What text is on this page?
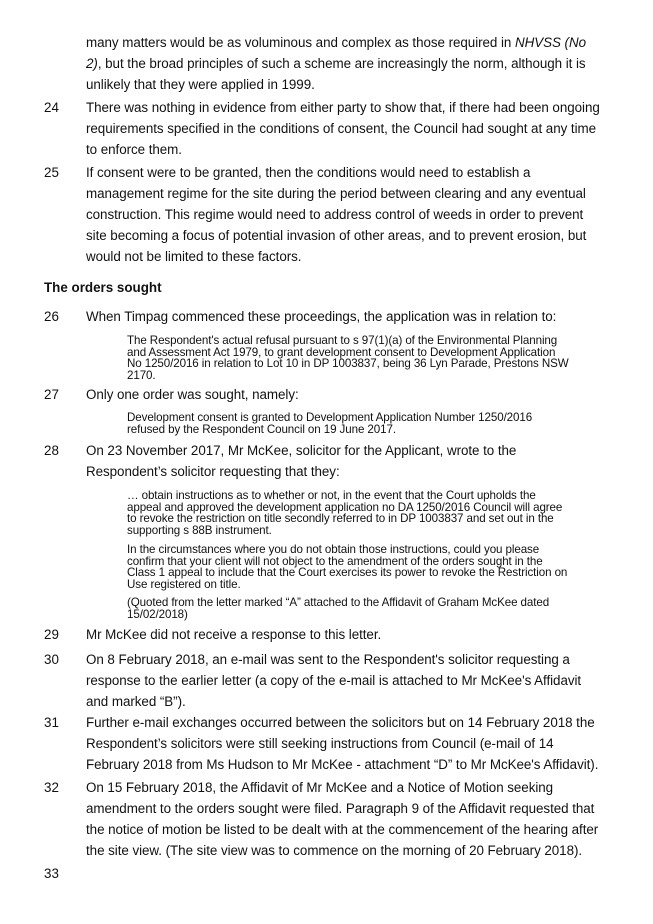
many matters would be as voluminous and complex as those required in NHVSS (No
2), but the broad principles of such a scheme are increasingly the norm, although it is
unlikely that they were applied in 1999.
24 There was nothing in evidence from either party to show that, if there had been ongoing
requirements specified in the conditions of consent, the Council had sought at any time
to enforce them.
25 If consent were to be granted, then the conditions would need to establish a
management regime for the site during the period between clearing and any eventual
construction. This regime would need to address control of weeds in order to prevent
site becoming a focus of potential invasion of other areas, and to prevent erosion, but
would not be limited to these factors.
The orders sought
26 When Timpag commenced these proceedings, the application was in relation to:
The Respondent's actual refusal pursuant to s 97(1)(a) of the Environmental Planning
and Assessment Act 1979, to grant development consent to Development Application
No 1250/2016 in relation to Lot 10 in DP 1003837, being 36 Lyn Parade, Prestons NSW
2170.
27 Only one order was sought, namely:
Development consent is granted to Development Application Number 1250/2016
refused by the Respondent Council on 19 June 2017.
28 On 23 November 2017, Mr McKee, solicitor for the Applicant, wrote to the
Respondent’s solicitor requesting that they:
… obtain instructions as to whether or not, in the event that the Court upholds the
appeal and approved the development application no DA 1250/2016 Council will agree
to revoke the restriction on title secondly referred to in DP 1003837 and set out in the
supporting s 88B instrument.
In the circumstances where you do not obtain those instructions, could you please
confirm that your client will not object to the amendment of the orders sought in the
Class 1 appeal to include that the Court exercises its power to revoke the Restriction on
Use registered on title.
(Quoted from the letter marked “A” attached to the Affidavit of Graham McKee dated
15/02/2018)
29 Mr McKee did not receive a response to this letter.
30 On 8 February 2018, an e-mail was sent to the Respondent's solicitor requesting a
response to the earlier letter (a copy of the e-mail is attached to Mr McKee's Affidavit
and marked “B”).
31 Further e-mail exchanges occurred between the solicitors but on 14 February 2018 the
Respondent’s solicitors were still seeking instructions from Council (e-mail of 14
February 2018 from Ms Hudson to Mr McKee - attachment “D” to Mr McKee's Affidavit).
32 On 15 February 2018, the Affidavit of Mr McKee and a Notice of Motion seeking
amendment to the orders sought were filed. Paragraph 9 of the Affidavit requested that
the notice of motion be listed to be dealt with at the commencement of the hearing after
the site view. (The site view was to commence on the morning of 20 February 2018).
33
